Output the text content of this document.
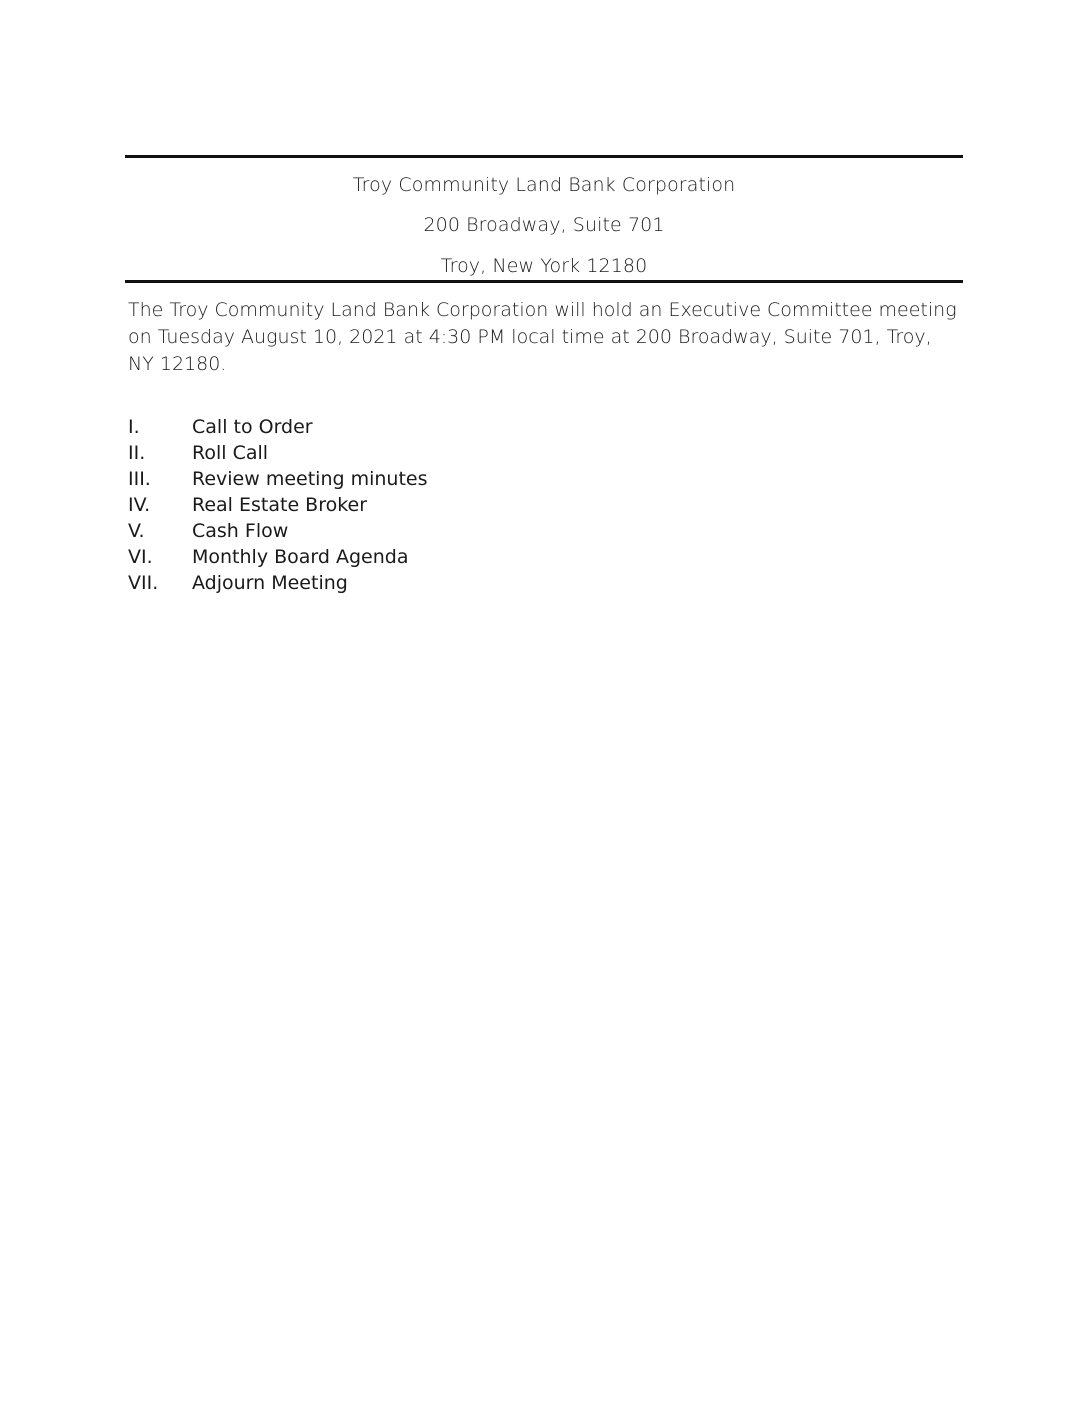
Troy Community Land Bank Corporation
200 Broadway, Suite 701
Troy, New York 12180

The Troy Community Land Bank Corporation will hold an Executive Committee meeting on Tuesday August 10, 2021 at 4:30 PM local time at 200 Broadway, Suite 701, Troy, NY 12180.

I.	Call to Order
II.	Roll Call
III.	Review meeting minutes
IV.	Real Estate Broker
V.	Cash Flow
VI.	Monthly Board Agenda
VII.	Adjourn Meeting
